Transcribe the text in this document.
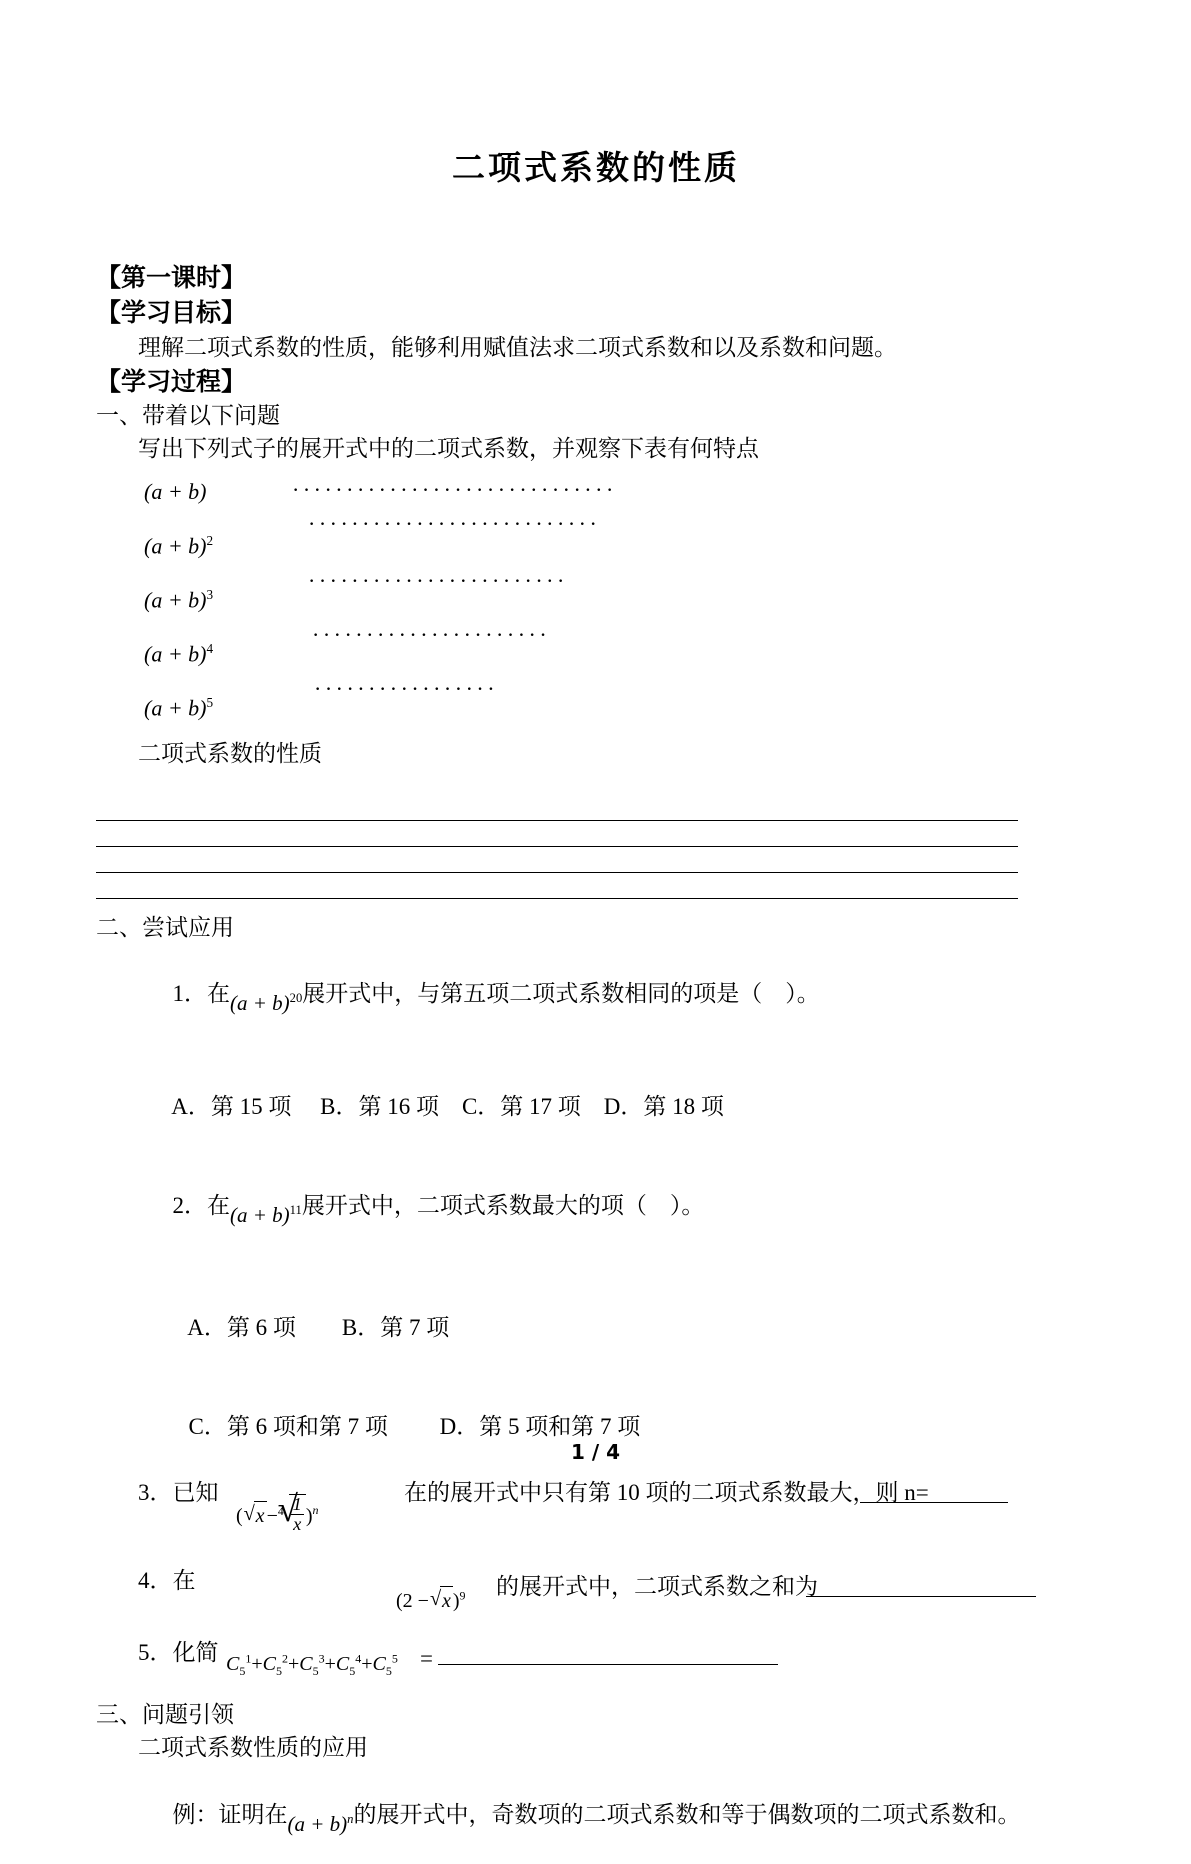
二项式系数的性质
【第一课时】
【学习目标】
理解二项式系数的性质，能够利用赋值法求二项式系数和以及系数和问题。
【学习过程】
一、带着以下问题
写出下列式子的展开式中的二项式系数，并观察下表有何特点
(a + b)	······························
$(a + b)^2$
···························
$(a + b)^3$
························
$(a + b)^4$
······················
$(a + b)^5$
·················
二项式系数的性质
二、尝试应用

1．在$(a + b)^{20}$展开式中，与第五项二项式系数相同的项是（    ）。

A．第 15 项 B．第 16 项 C．第 17 项 D．第 18 项

2．在$(a + b)^{11}$展开式中，二项式系数最大的项（    ）。

A．第 6 项 B．第 7 项

C．第 6 项和第 7 项 D．第 5 项和第 7 项

3．已知
( √ x −$^4$ √ $\frac{1}{x} )^n$
在的展开式中只有第 10 项的二项式系数最大，则 n=
4．在
(2 − √ x )$^9$ 的展开式中，二项式系数之和为
5．化简 $C_5^1+C_5^2+C_5^3+C_5^4+C_5^5$ =
三、问题引领
二项式系数性质的应用

例：证明在$(a + b)^n$的展开式中，奇数项的二项式系数和等于偶数项的二项式系数和。

1 / 4
